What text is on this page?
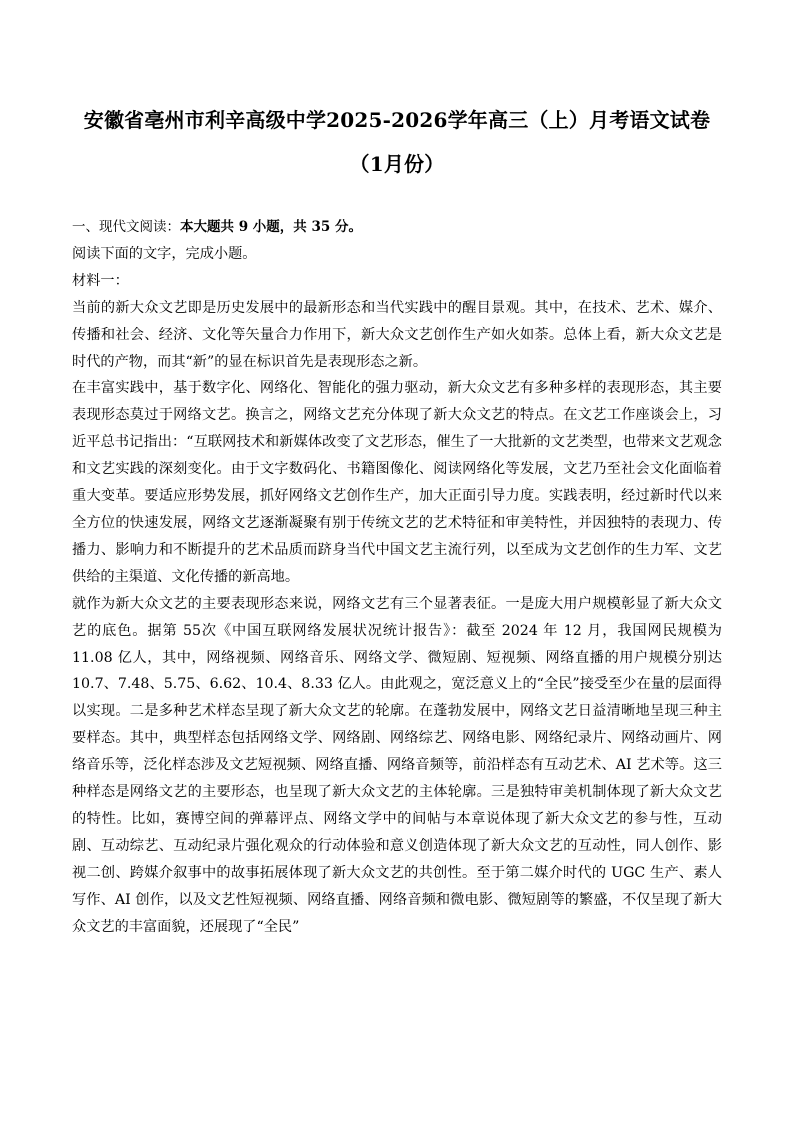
安徽省亳州市利辛高级中学2025-2026学年高三（上）月考语文试卷
（1月份）

一、现代文阅读：本大题共 9 小题，共 35 分。

阅读下面的文字，完成小题。

材料一：

当前的新大众文艺即是历史发展中的最新形态和当代实践中的醒目景观。其中，在技术、艺术、媒介、传播和社会、经济、文化等矢量合力作用下，新大众文艺创作生产如火如荼。总体上看，新大众文艺是时代的产物，而其“新”的显在标识首先是表现形态之新。

在丰富实践中，基于数字化、网络化、智能化的强力驱动，新大众文艺有多种多样的表现形态，其主要表现形态莫过于网络文艺。换言之，网络文艺充分体现了新大众文艺的特点。在文艺工作座谈会上，习近平总书记指出：“互联网技术和新媒体改变了文艺形态，催生了一大批新的文艺类型，也带来文艺观念和文艺实践的深刻变化。由于文字数码化、书籍图像化、阅读网络化等发展，文艺乃至社会文化面临着重大变革。要适应形势发展，抓好网络文艺创作生产，加大正面引导力度。实践表明，经过新时代以来全方位的快速发展，网络文艺逐渐凝聚有别于传统文艺的艺术特征和审美特性，并因独特的表现力、传播力、影响力和不断提升的艺术品质而跻身当代中国文艺主流行列，以至成为文艺创作的生力军、文艺供给的主渠道、文化传播的新高地。

就作为新大众文艺的主要表现形态来说，网络文艺有三个显著表征。一是庞大用户规模彰显了新大众文艺的底色。据第 55次《中国互联网络发展状况统计报告》：截至 2024 年 12 月，我国网民规模为 11.08 亿人，其中，网络视频、网络音乐、网络文学、微短剧、短视频、网络直播的用户规模分别达 10.7、7.48、5.75、6.62、10.4、8.33 亿人。由此观之，宽泛意义上的“全民”接受至少在量的层面得以实现。二是多种艺术样态呈现了新大众文艺的轮廓。在蓬勃发展中，网络文艺日益清晰地呈现三种主要样态。其中，典型样态包括网络文学、网络剧、网络综艺、网络电影、网络纪录片、网络动画片、网络音乐等，泛化样态涉及文艺短视频、网络直播、网络音频等，前沿样态有互动艺术、AI 艺术等。这三种样态是网络文艺的主要形态，也呈现了新大众文艺的主体轮廓。三是独特审美机制体现了新大众文艺的特性。比如，赛博空间的弹幕评点、网络文学中的间帖与本章说体现了新大众文艺的参与性，互动剧、互动综艺、互动纪录片强化观众的行动体验和意义创造体现了新大众文艺的互动性，同人创作、影视二创、跨媒介叙事中的故事拓展体现了新大众文艺的共创性。至于第二媒介时代的 UGC 生产、素人写作、AI 创作，以及文艺性短视频、网络直播、网络音频和微电影、微短剧等的繁盛，不仅呈现了新大众文艺的丰富面貌，还展现了“全民”
